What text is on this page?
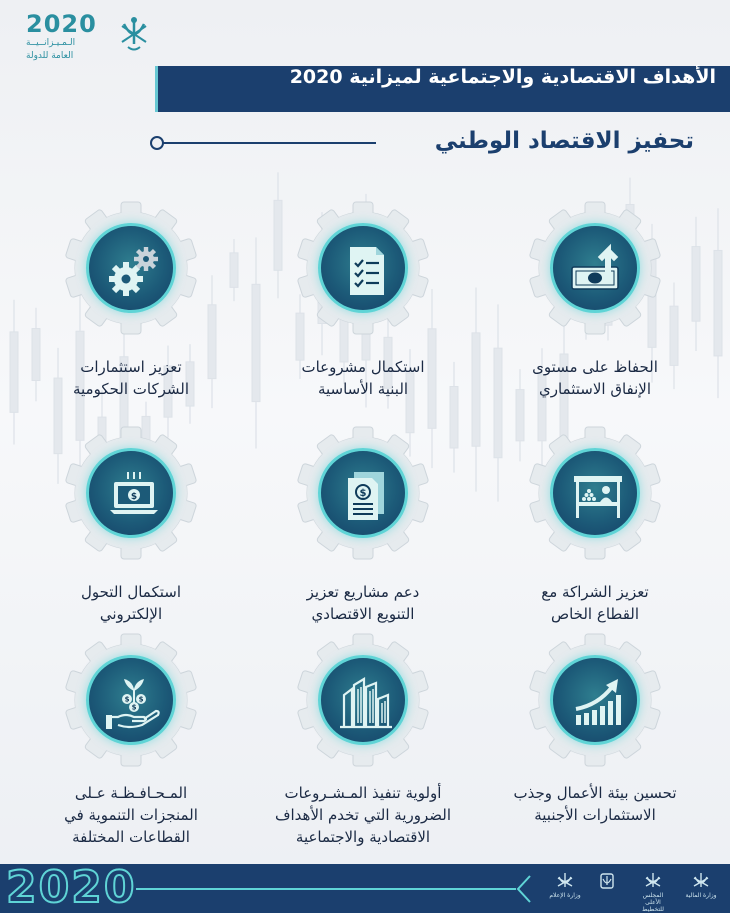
2020
الـمـيـزانــيــة
العامة للدولة
الأهداف الاقتصادية والاجتماعية لميزانية 2020
تحفيز الاقتصاد الوطني
الحفاظ على مستوى
الإنفاق الاستثماري
استكمال مشروعات
البنية الأساسية
تعزيز استثمارات
الشركات الحكومية
تعزيز الشراكة مع
القطاع الخاص
$
دعم مشاريع تعزيز
التنويع الاقتصادي
$
استكمال التحول
الإلكتروني
تحسين بيئة الأعمال وجذب
الاستثمارات الأجنبية
أولوية تنفيذ المـشـروعات
الضرورية التي تخدم الأهداف
الاقتصادية والاجتماعية
$ $
$
المـحـافـظـة عـلى
المنجزات التنموية في
القطاعات المختلفة
2020	وزارة المالية
المجلس الأعلى للتخطيط
وزارة الإعلام
